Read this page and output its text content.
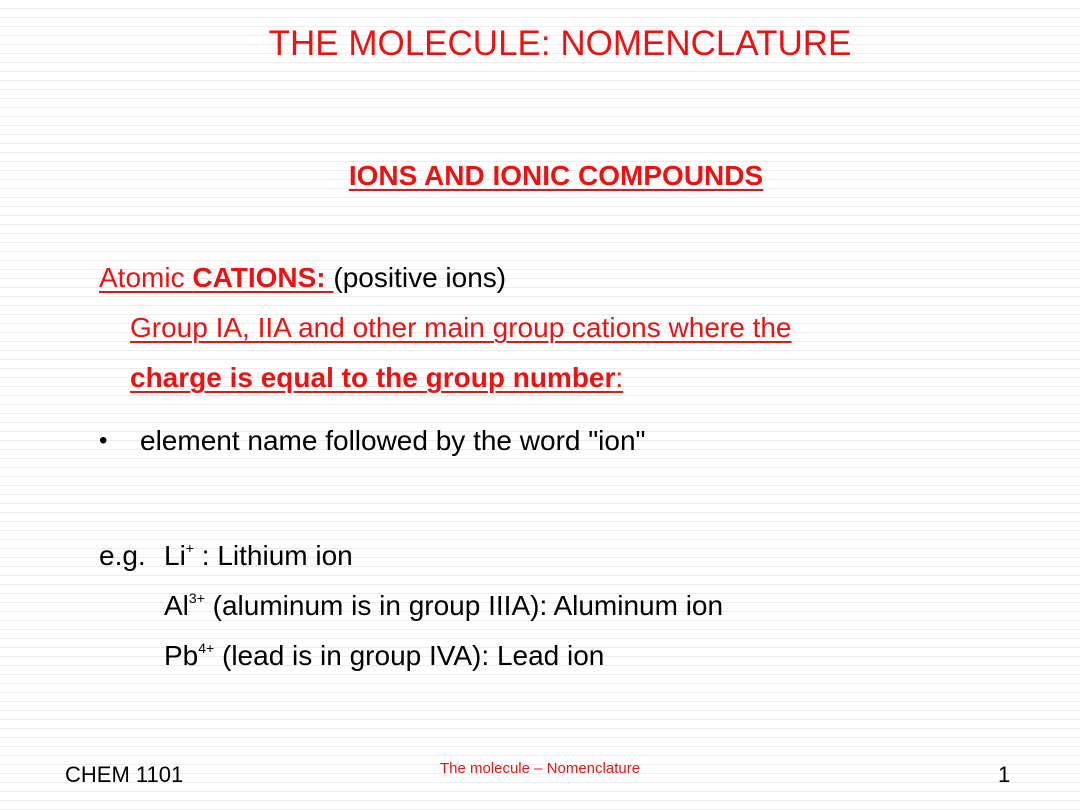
THE MOLECULE: NOMENCLATURE
IONS AND IONIC COMPOUNDS
Atomic CATIONS: (positive ions)
Group IA, IIA and other main group cations where the
charge is equal to the group number:
• element name followed by the word "ion"
e.g. Li+ : Lithium ion
$Al^{3+}$ (aluminum is in group IIIA): Aluminum ion
$Pb^{4+}$ (lead is in group IVA): Lead ion
CHEM 1101	The molecule – Nomenclature	1
